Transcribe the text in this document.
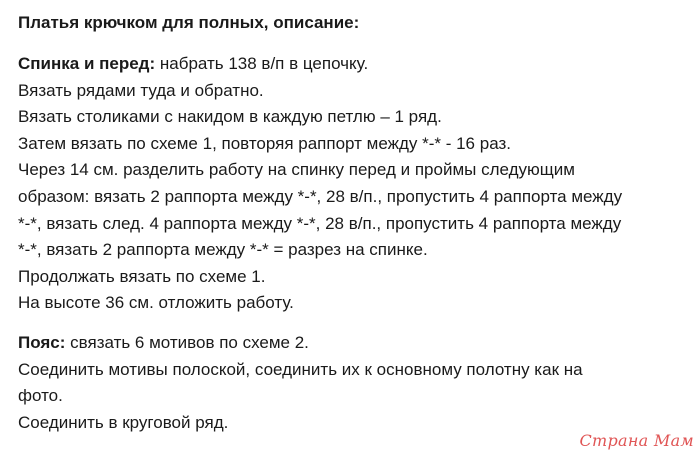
Платья крючком для полных, описание:
Спинка и перед: набрать 138 в/п в цепочку.
Вязать рядами туда и обратно.
Вязать столиками с накидом в каждую петлю – 1 ряд.
Затем вязать по схеме 1, повторяя раппорт между *-* - 16 раз.
Через 14 см. разделить работу на спинку перед и проймы следующим
образом: вязать 2 раппорта между *-*, 28 в/п., пропустить 4 раппорта между
*-*, вязать след. 4 раппорта между *-*, 28 в/п., пропустить 4 раппорта между
*-*, вязать 2 раппорта между *-* = разрез на спинке.
Продолжать вязать по схеме 1.
На высоте 36 см. отложить работу.
Пояс: связать 6 мотивов по схеме 2.
Соединить мотивы полоской, соединить их к основному полотну как на
фото.
Соединить в круговой ряд.
Страна Мам
